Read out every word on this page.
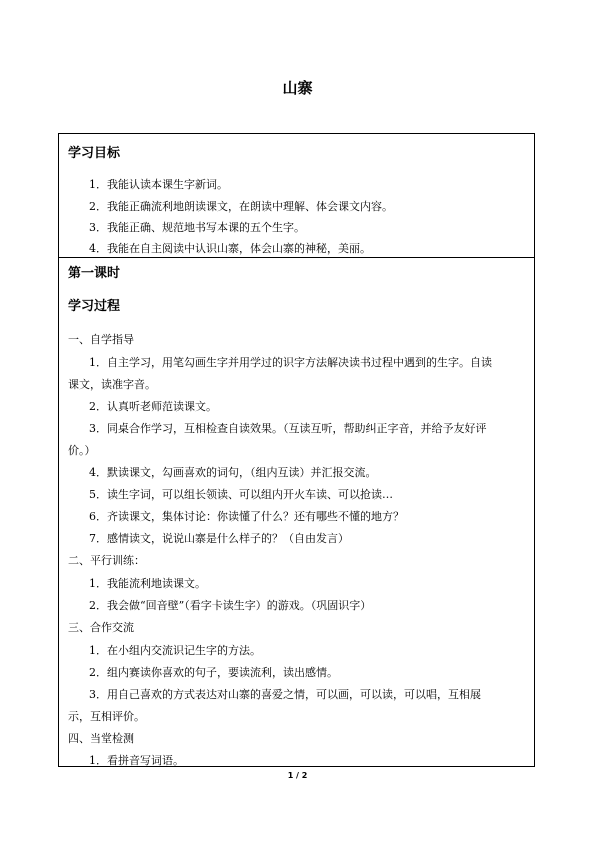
山寨
学习目标
1．我能认读本课生字新词。
2．我能正确流利地朗读课文，在朗读中理解、体会课文内容。
3．我能正确、规范地书写本课的五个生字。
4．我能在自主阅读中认识山寨，体会山寨的神秘，美丽。
第一课时
学习过程
一、自学指导
1．自主学习，用笔勾画生字并用学过的识字方法解决读书过程中遇到的生字。自读
课文，读准字音。
2．认真听老师范读课文。
3．同桌合作学习，互相检查自读效果。（互读互听，帮助纠正字音，并给予友好评
价。）
4．默读课文，勾画喜欢的词句，（组内互读）并汇报交流。
5．读生字词，可以组长领读、可以组内开火车读、可以抢读…
6．齐读课文，集体讨论：你读懂了什么？还有哪些不懂的地方？
7．感情读文，说说山寨是什么样子的？（自由发言）
二、平行训练：
1．我能流利地读课文。
2．我会做“回音壁”（看字卡读生字）的游戏。（巩固识字）
三、合作交流
1．在小组内交流识记生字的方法。
2．组内赛读你喜欢的句子，要读流利，读出感情。
3．用自己喜欢的方式表达对山寨的喜爱之情，可以画，可以读，可以唱，互相展
示，互相评价。
四、当堂检测
1．看拼音写词语。
1 / 2
